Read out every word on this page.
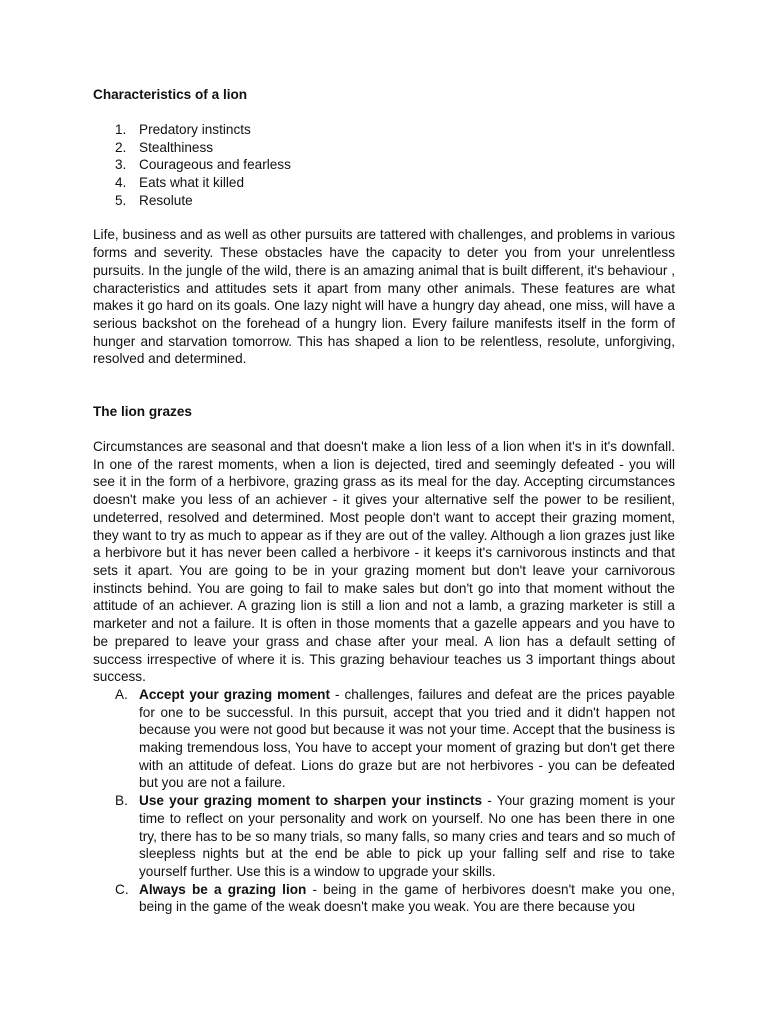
Characteristics of a lion

1. Predatory instincts
2. Stealthiness
3. Courageous and fearless
4. Eats what it killed
5. Resolute

Life, business and as well as other pursuits are tattered with challenges, and problems in various forms and severity. These obstacles have the capacity to deter you from your unrelentless pursuits. In the jungle of the wild, there is an amazing animal that is built different, it's behaviour , characteristics and attitudes sets it apart from many other animals. These features are what makes it go hard on its goals. One lazy night will have a hungry day ahead, one miss, will have a serious backshot on the forehead of a hungry lion. Every failure manifests itself in the form of hunger and starvation tomorrow. This has shaped a lion to be relentless, resolute, unforgiving, resolved and determined.

The lion grazes

Circumstances are seasonal and that doesn't make a lion less of a lion when it's in it's downfall. In one of the rarest moments, when a lion is dejected, tired and seemingly defeated - you will see it in the form of a herbivore, grazing grass as its meal for the day. Accepting circumstances doesn't make you less of an achiever - it gives your alternative self the power to be resilient, undeterred, resolved and determined. Most people don't want to accept their grazing moment, they want to try as much to appear as if they are out of the valley. Although a lion grazes just like a herbivore but it has never been called a herbivore - it keeps it's carnivorous instincts and that sets it apart. You are going to be in your grazing moment but don't leave your carnivorous instincts behind. You are going to fail to make sales but don't go into that moment without the attitude of an achiever. A grazing lion is still a lion and not a lamb, a grazing marketer is still a marketer and not a failure. It is often in those moments that a gazelle appears and you have to be prepared to leave your grass and chase after your meal. A lion has a default setting of success irrespective of where it is. This grazing behaviour teaches us 3 important things about success.

A. Accept your grazing moment - challenges, failures and defeat are the prices payable for one to be successful. In this pursuit, accept that you tried and it didn't happen not because you were not good but because it was not your time. Accept that the business is making tremendous loss, You have to accept your moment of grazing but don't get there with an attitude of defeat. Lions do graze but are not herbivores - you can be defeated but you are not a failure.
B. Use your grazing moment to sharpen your instincts - Your grazing moment is your time to reflect on your personality and work on yourself. No one has been there in one try, there has to be so many trials, so many falls, so many cries and tears and so much of sleepless nights but at the end be able to pick up your falling self and rise to take yourself further. Use this is a window to upgrade your skills.
C. Always be a grazing lion - being in the game of herbivores doesn't make you one, being in the game of the weak doesn't make you weak. You are there because you
